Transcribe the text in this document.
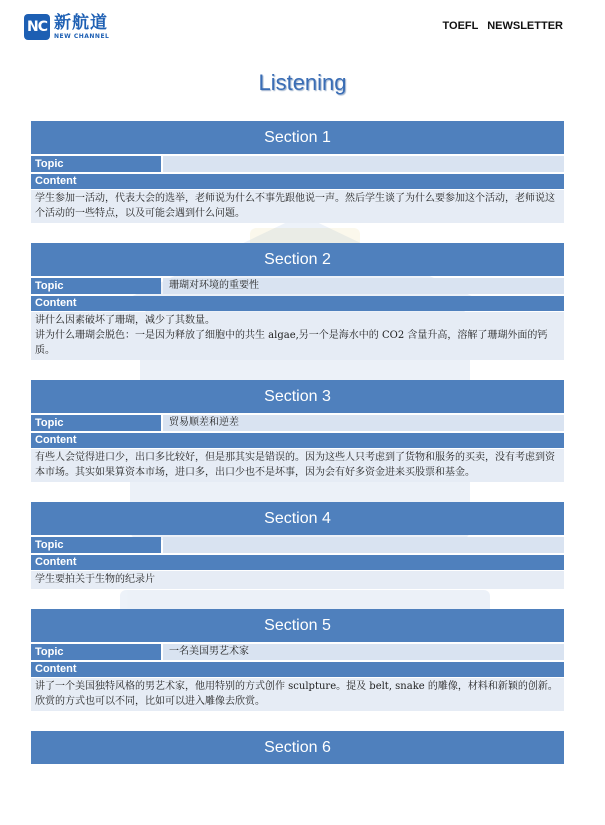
NC 新航道
NEW CHANNEL
TOEFL NEWSLETTER
Listening
Section 1
Topic
Content

学生参加一活动，代表大会的选举，老师说为什么不事先跟他说一声。然后学生谈了为什么要参加这个活动，老师说这个活动的一些特点，以及可能会遇到什么问题。

Section 2
Topic	珊瑚对环境的重要性
Content

讲什么因素破坏了珊瑚，减少了其数量。

讲为什么珊瑚会脱色：一是因为释放了细胞中的共生 algae,另一个是海水中的 CO2 含量升高，溶解了珊瑚外面的钙质。

Section 3
Topic	贸易顺差和逆差
Content

有些人会觉得进口少，出口多比较好，但是那其实是错误的。因为这些人只考虑到了货物和服务的买卖，没有考虑到资本市场。其实如果算资本市场，进口多，出口少也不是坏事，因为会有好多资金进来买股票和基金。

Section 4
Topic
Content

学生要拍关于生物的纪录片

Section 5
Topic	一名美国男艺术家
Content

讲了一个美国独特风格的男艺术家，他用特别的方式创作 sculpture。提及 belt, snake 的雕像，材料和新颖的创新。欣赏的方式也可以不同，比如可以进入雕像去欣赏。

Section 6
